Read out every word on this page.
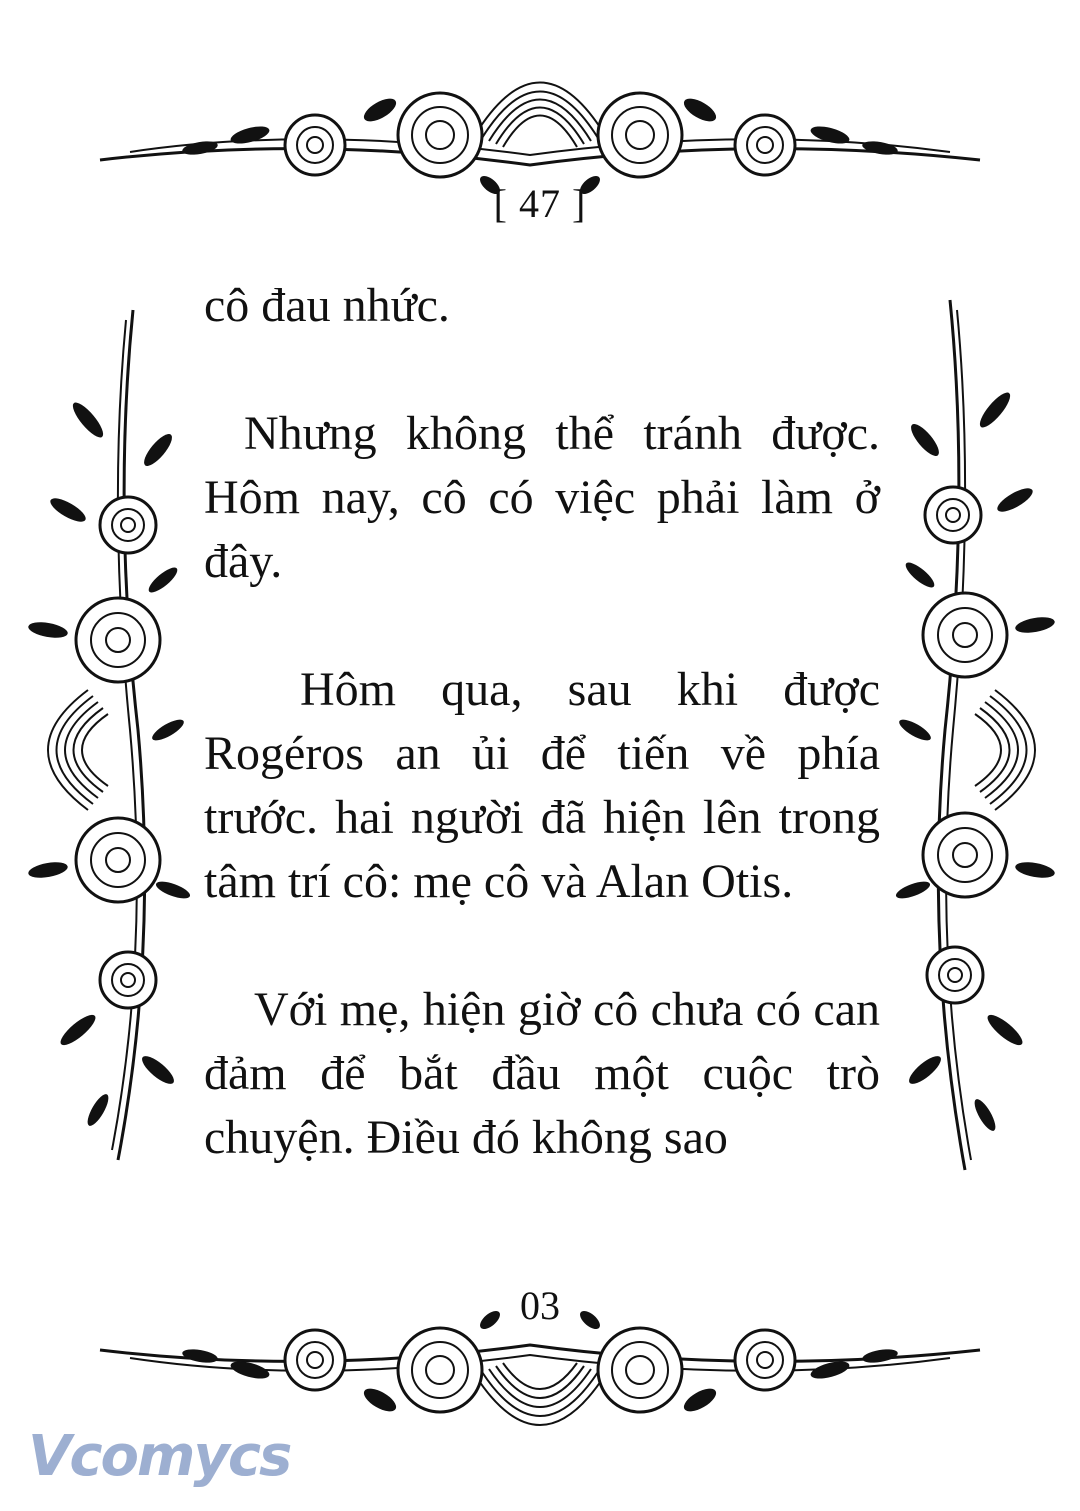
[ 47 ]

cô đau nhức.

Nhưng không thể tránh được. Hôm nay, cô có việc phải làm ở đây.

Hôm qua, sau khi được Rogéros an ủi để tiến về phía trước. hai người đã hiện lên trong tâm trí cô: mẹ cô và Alan Otis.

Với mẹ, hiện giờ cô chưa có can đảm để bắt đầu một cuộc trò chuyện. Điều đó không sao

03
Vcomycs
